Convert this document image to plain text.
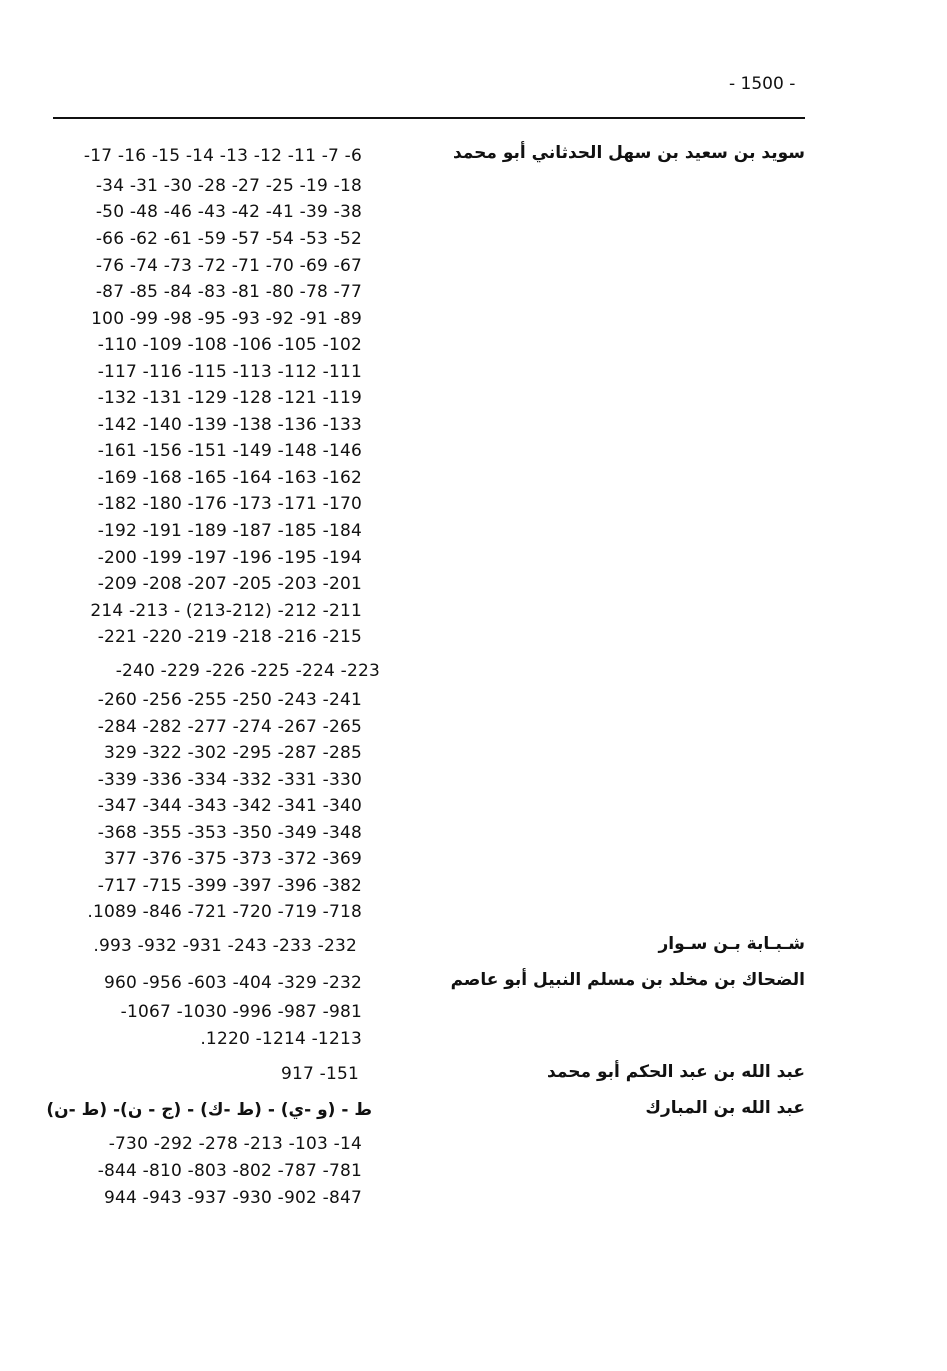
- 1500 -
سويد بن سعيد بن سهل الحدثاني أبو محمد
-17 -16 -15 -14 -13 -12 -11 -7 -6
-34 -31 -30 -28 -27 -25 -19 -18
-50 -48 -46 -43 -42 -41 -39 -38
-66 -62 -61 -59 -57 -54 -53 -52
-76 -74 -73 -72 -71 -70 -69 -67
-87 -85 -84 -83 -81 -80 -78 -77
100 -99 -98 -95 -93 -92 -91 -89
-110 -109 -108 -106 -105 -102
-117 -116 -115 -113 -112 -111
-132 -131 -129 -128 -121 -119
-142 -140 -139 -138 -136 -133
-161 -156 -151 -149 -148 -146
-169 -168 -165 -164 -163 -162
-182 -180 -176 -173 -171 -170
-192 -191 -189 -187 -185 -184
-200 -199 -197 -196 -195 -194
-209 -208 -207 -205 -203 -201
214 -213 - (213-212) -212 -211
-221 -220 -219 -218 -216 -215
-240 -229 -226 -225 -224 -223
-260 -256 -255 -250 -243 -241
-284 -282 -277 -274 -267 -265
329 -322 -302 -295 -287 -285
-339 -336 -334 -332 -331 -330
-347 -344 -343 -342 -341 -340
-368 -355 -353 -350 -349 -348
377 -376 -375 -373 -372 -369
-717 -715 -399 -397 -396 -382
.1089 -846 -721 -720 -719 -718
شـبـابة بـن سـوار
.993 -932 -931 -243 -233 -232
الضحاك بن مخلد بن مسلم النبيل أبو عاصم
960 -956 -603 -404 -329 -232
-1067 -1030 -996 -987 -981
.1220 -1214 -1213
عبد الله بن عبد الحكم أبو محمد
917 -151
عبد الله بن المبارك
ط - (و -ي) - (ط -ك) - (ج - ن)- (ط -ن)
-730 -292 -278 -213 -103 -14
-844 -810 -803 -802 -787 -781
944 -943 -937 -930 -902 -847
